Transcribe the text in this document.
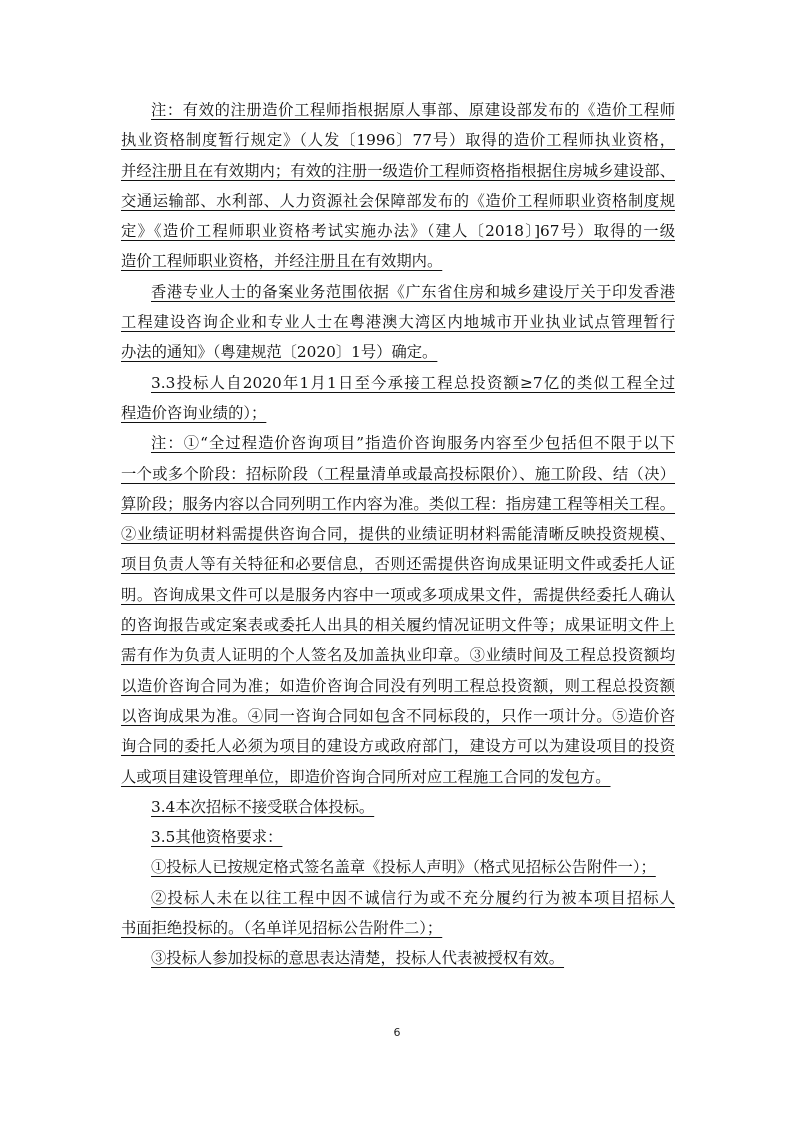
注：有效的注册造价工程师指根据原人事部、原建设部发布的《造价工程师
执业资格制度暂行规定》（人发〔1996〕77号）取得的造价工程师执业资格，
并经注册且在有效期内；有效的注册一级造价工程师资格指根据住房城乡建设部、
交通运输部、水利部、人力资源社会保障部发布的《造价工程师职业资格制度规
定》《造价工程师职业资格考试实施办法》（建人〔2018〕]67号）取得的一级
造价工程师职业资格，并经注册且在有效期内。
香港专业人士的备案业务范围依据《广东省住房和城乡建设厅关于印发香港
工程建设咨询企业和专业人士在粤港澳大湾区内地城市开业执业试点管理暂行
办法的通知》（粤建规范〔2020〕1号）确定。
3.3投标人自2020年1月1日至今承接工程总投资额≥7亿的类似工程全过
程造价咨询业绩的）；
注：①“全过程造价咨询项目”指造价咨询服务内容至少包括但不限于以下
一个或多个阶段：招标阶段（工程量清单或最高投标限价）、施工阶段、结（决）
算阶段；服务内容以合同列明工作内容为准。类似工程：指房建工程等相关工程。
②业绩证明材料需提供咨询合同，提供的业绩证明材料需能清晰反映投资规模、
项目负责人等有关特征和必要信息，否则还需提供咨询成果证明文件或委托人证
明。咨询成果文件可以是服务内容中一项或多项成果文件，需提供经委托人确认
的咨询报告或定案表或委托人出具的相关履约情况证明文件等；成果证明文件上
需有作为负责人证明的个人签名及加盖执业印章。③业绩时间及工程总投资额均
以造价咨询合同为准；如造价咨询合同没有列明工程总投资额，则工程总投资额
以咨询成果为准。④同一咨询合同如包含不同标段的，只作一项计分。⑤造价咨
询合同的委托人必须为项目的建设方或政府部门，建设方可以为建设项目的投资
人或项目建设管理单位，即造价咨询合同所对应工程施工合同的发包方。
3.4本次招标不接受联合体投标。
3.5其他资格要求：
①投标人已按规定格式签名盖章《投标人声明》（格式见招标公告附件一）；
②投标人未在以往工程中因不诚信行为或不充分履约行为被本项目招标人
书面拒绝投标的。（名单详见招标公告附件二）；
③投标人参加投标的意思表达清楚，投标人代表被授权有效。
6
